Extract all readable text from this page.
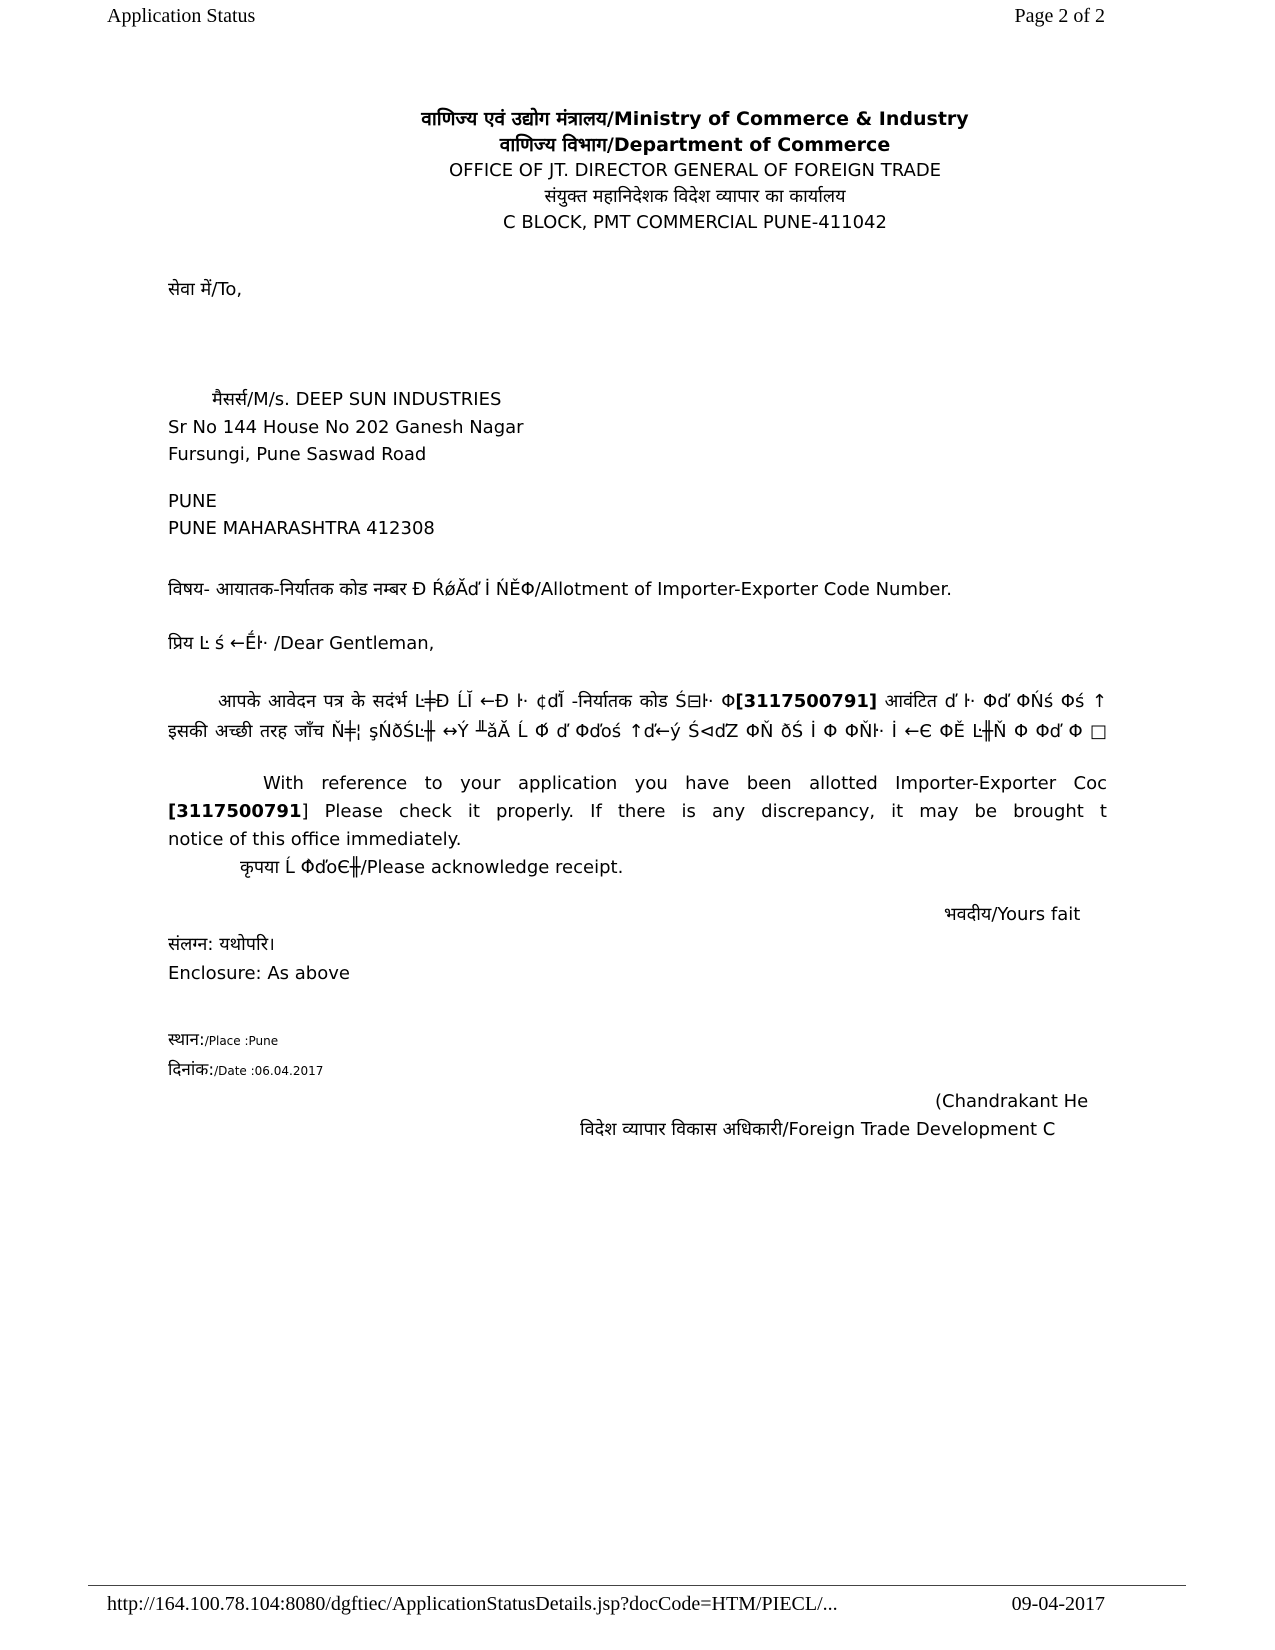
Application Status	Page 2 of 2
वाणिज्य एवं उद्योग मंत्रालय/Ministry of Commerce & Industry
वाणिज्य विभाग/Department of Commerce
OFFICE OF JT. DIRECTOR GENERAL OF FOREIGN TRADE
संयुक्त महानिदेशक विदेश व्यापार का कार्यालय
C BLOCK, PMT COMMERCIAL PUNE-411042
सेवा में/To,
मैसर्स/M/s. DEEP SUN INDUSTRIES
Sr No 144 House No 202 Ganesh Nagar
Fursungi, Pune Saswad Road
PUNE
PUNE MAHARASHTRA 412308
विषय- आयातक-निर्यातक कोड नम्बर Đ ŔǿĂď İ ŃĚΦ/Allotment of Importer-Exporter Code Number.
प्रिय Ŀ ś ←Ḗŀ· /Dear Gentleman,
आपके आवेदन पत्र के सदंर्भ Ŀ╪Đ ĹĬ ←Đ ŀ· ¢ďĬ -निर्यातक कोड Ś⊟ŀ· Φ[3117500791] आवंटित ď ŀ· Φď ΦŃś Φś ↑
इसकी अच्छी तरह जाँच Ň╪¦ şŃðŚĿ╫ ↔Ý ╨ǎĂ Ĺ Φ́ ď Φďoś ↑ď←ý Ś⊲ďZ ΦŇ ðŚ İ Φ ΦŇŀ· İ ←Є ΦĚ Ŀ╫Ň Φ Φď Φ □
With reference to your application you have been allotted Importer-Exporter Coc
[3117500791] Please check it properly. If there is any discrepancy, it may be brought t
notice of this office immediately.
कृपया Ĺ Φ̀ďoЄ╫/Please acknowledge receipt.
भवदीय/Yours fait
संलग्न: यथोपरि।
Enclosure: As above
स्थान:/Place :Pune
दिनांक:/Date :06.04.2017
(Chandrakant He
विदेश व्यापार विकास अधिकारी/Foreign Trade Development C
http://164.100.78.104:8080/dgftiec/ApplicationStatusDetails.jsp?docCode=HTM/PIECL/...	09-04-2017
